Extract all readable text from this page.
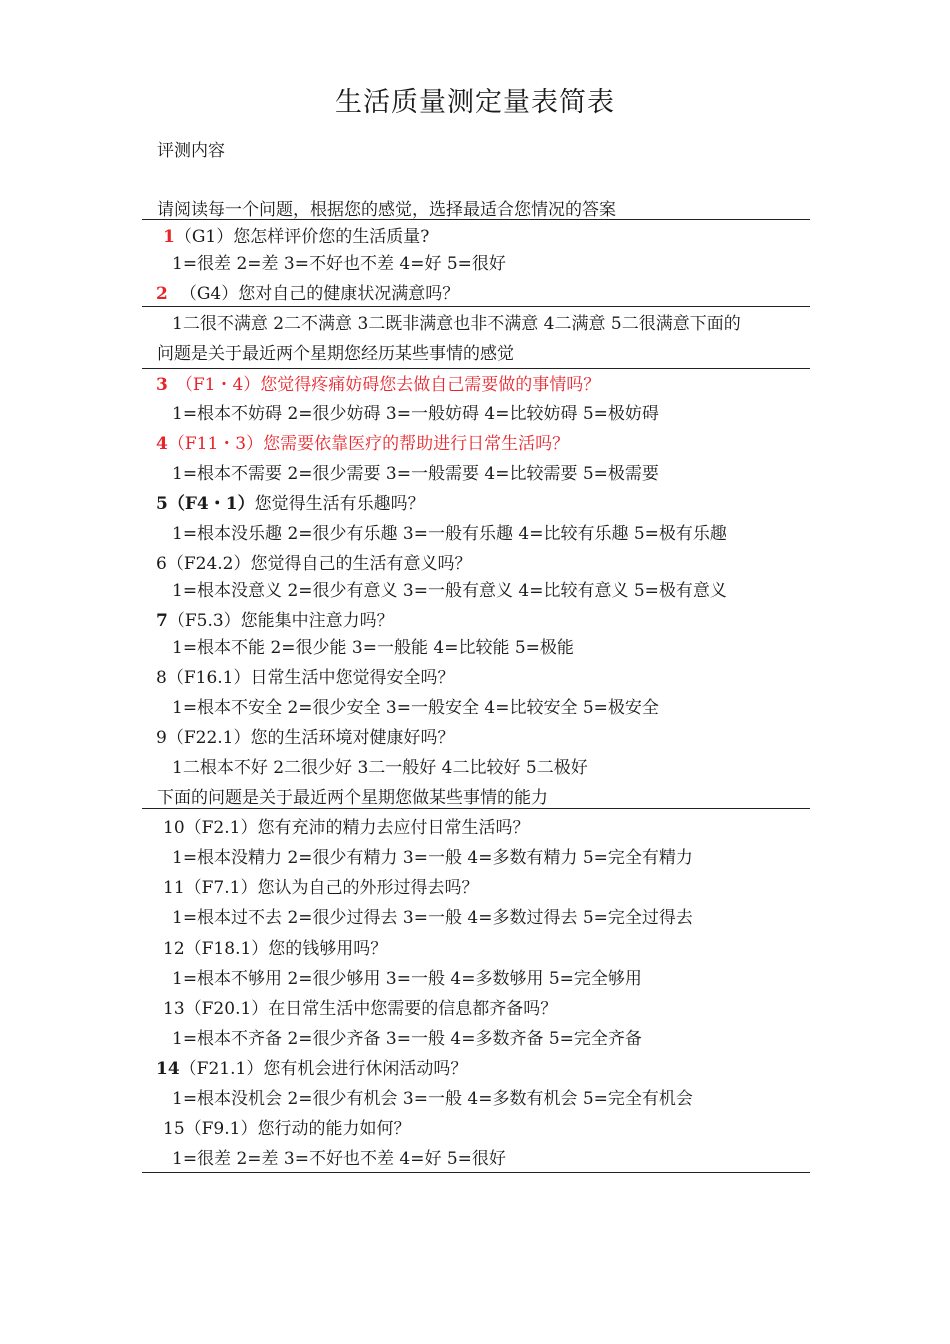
生活质量测定量表简表
评测内容
请阅读每一个问题，根据您的感觉，选择最适合您情况的答案
1（G1）您怎样评价您的生活质量?
1=很差 2=差 3=不好也不差 4=好 5=很好
2 （G4）您对自己的健康状况满意吗？
1二很不满意 2二不满意 3二既非满意也非不满意 4二满意 5二很满意下面的
问题是关于最近两个星期您经历某些事情的感觉
3 （F1・4）您觉得疼痛妨碍您去做自己需要做的事情吗？
1=根本不妨碍 2=很少妨碍 3=一般妨碍 4=比较妨碍 5=极妨碍
4（F11・3）您需要依靠医疗的帮助进行日常生活吗？
1=根本不需要 2=很少需要 3=一般需要 4=比较需要 5=极需要
5（F4・1）您觉得生活有乐趣吗？
1=根本没乐趣 2=很少有乐趣 3=一般有乐趣 4=比较有乐趣 5=极有乐趣
6（F24.2）您觉得自己的生活有意义吗？
1=根本没意义 2=很少有意义 3=一般有意义 4=比较有意义 5=极有意义
7（F5.3）您能集中注意力吗？
1=根本不能 2=很少能 3=一般能 4=比较能 5=极能
8（F16.1）日常生活中您觉得安全吗？
1=根本不安全 2=很少安全 3=一般安全 4=比较安全 5=极安全
9（F22.1）您的生活环境对健康好吗？
1二根本不好 2二很少好 3二一般好 4二比较好 5二极好
下面的问题是关于最近两个星期您做某些事情的能力
10（F2.1）您有充沛的精力去应付日常生活吗？
1=根本没精力 2=很少有精力 3=一般 4=多数有精力 5=完全有精力
11（F7.1）您认为自己的外形过得去吗？
1=根本过不去 2=很少过得去 3=一般 4=多数过得去 5=完全过得去
12（F18.1）您的钱够用吗？
1=根本不够用 2=很少够用 3=一般 4=多数够用 5=完全够用
13（F20.1）在日常生活中您需要的信息都齐备吗？
1=根本不齐备 2=很少齐备 3=一般 4=多数齐备 5=完全齐备
14（F21.1）您有机会进行休闲活动吗？
1=根本没机会 2=很少有机会 3=一般 4=多数有机会 5=完全有机会
15（F9.1）您行动的能力如何？
1=很差 2=差 3=不好也不差 4=好 5=很好
